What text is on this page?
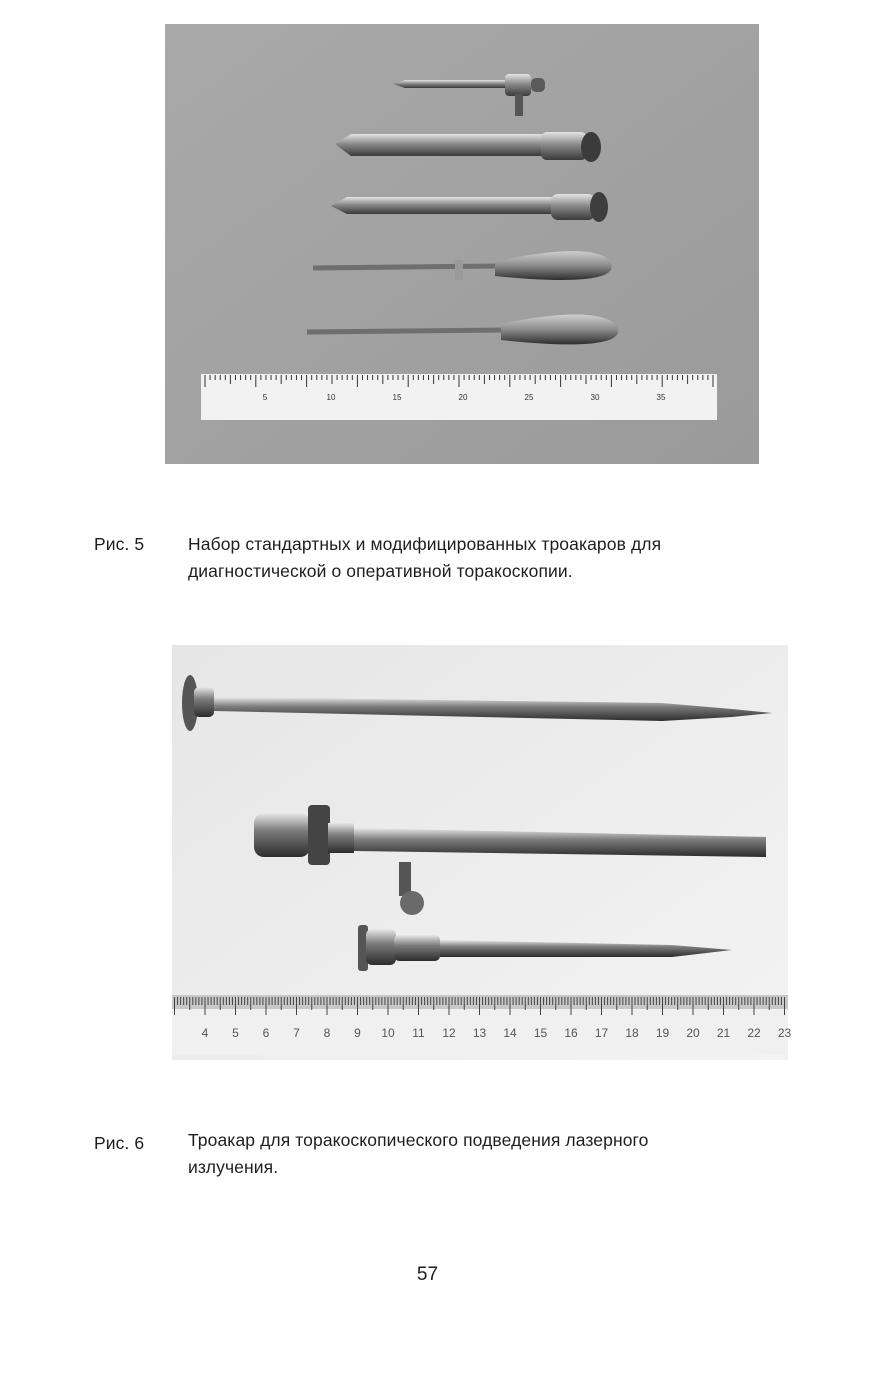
5	10	15	20	25	30	35
Рис. 5 Набор стандартных и модифицированных троакаров для
диагностической о оперативной торакоскопии.
4 5 6 7 8 9 10 11 12 13 14 15 16 17 18 19 20 21 22 23
Рис. 6 Троакар для торакоскопического подведения лазерного
излучения.
57
